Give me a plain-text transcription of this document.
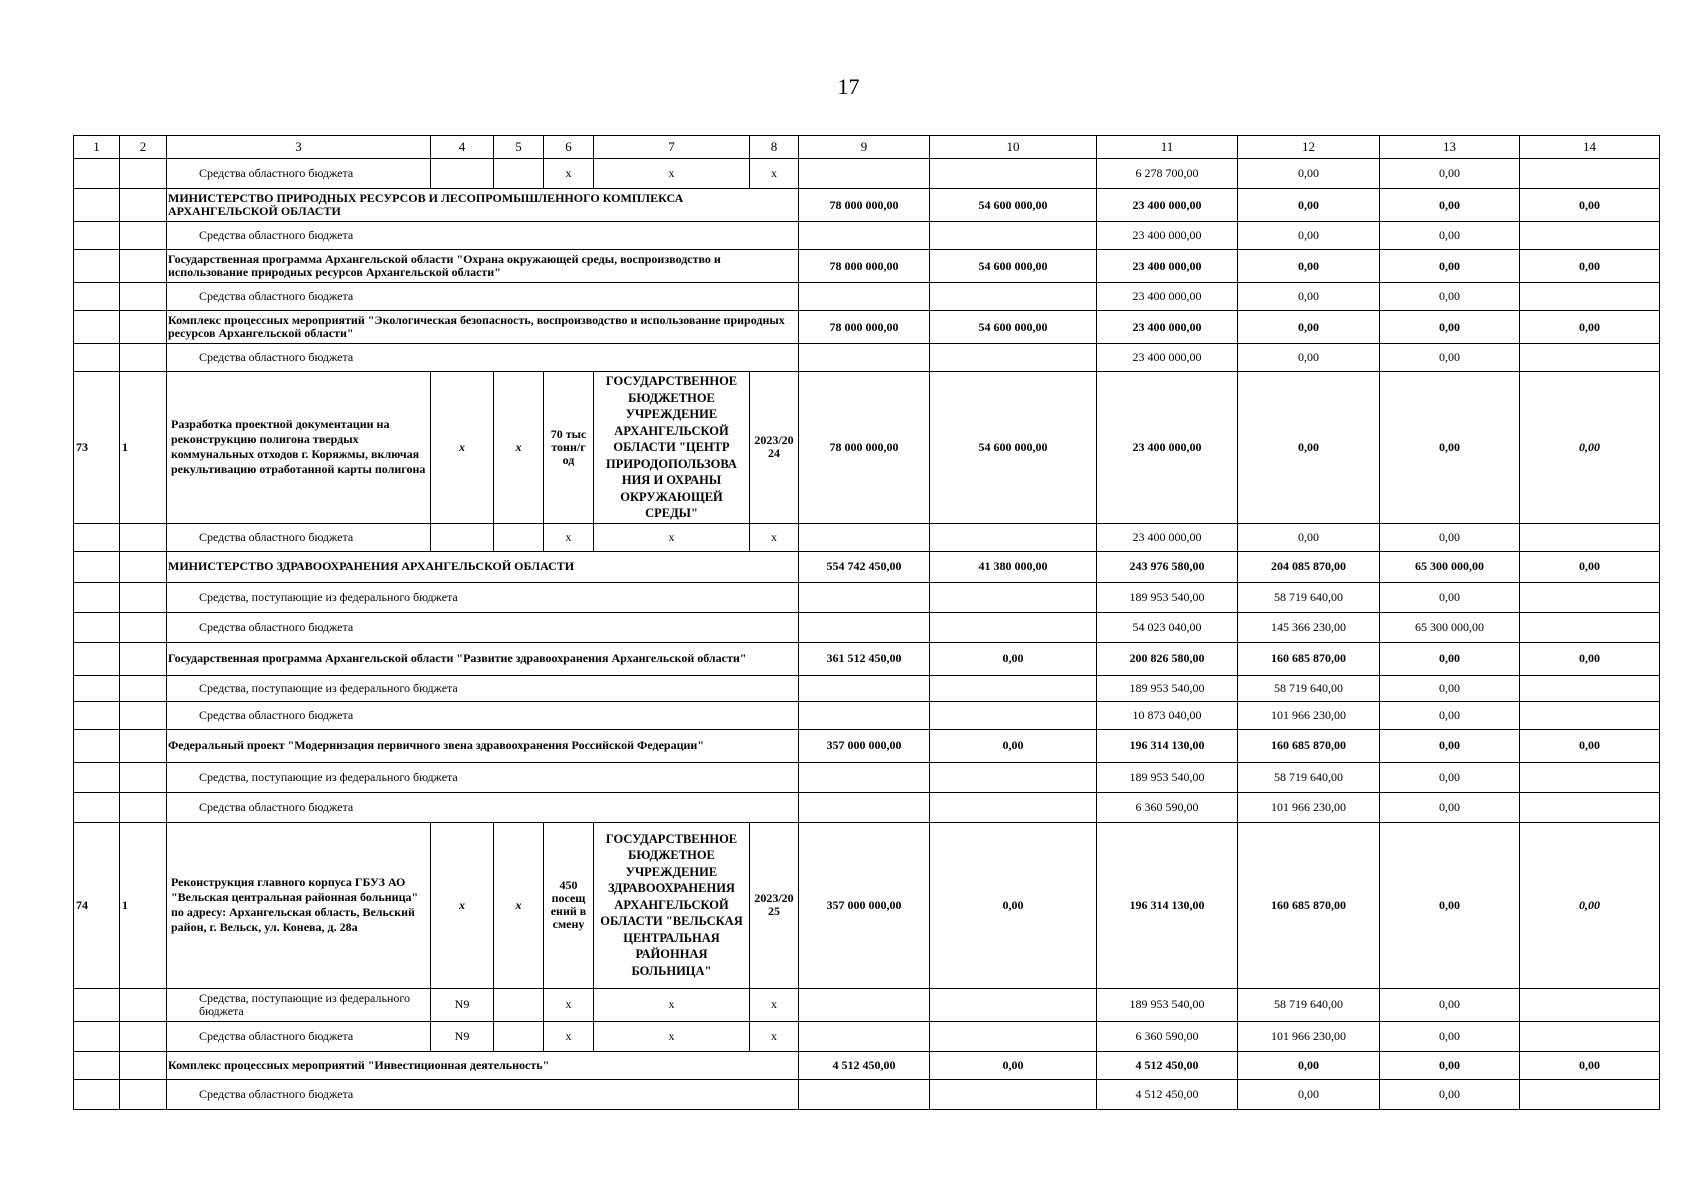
17
1	2	3	4	5	6	7	8	9	10	11	12	13	14
		Средства областного бюджета			x	x	x			6 278 700,00	0,00	0,00	
		МИНИСТЕРСТВО ПРИРОДНЫХ РЕСУРСОВ И ЛЕСОПРОМЫШЛЕННОГО КОМПЛЕКСА АРХАНГЕЛЬСКОЙ ОБЛАСТИ						78 000 000,00	54 600 000,00	23 400 000,00	0,00	0,00	0,00
		Средства областного бюджета								23 400 000,00	0,00	0,00	
		Государственная программа Архангельской области "Охрана окружающей среды, воспроизводство и использование природных ресурсов Архангельской области"						78 000 000,00	54 600 000,00	23 400 000,00	0,00	0,00	0,00
		Средства областного бюджета								23 400 000,00	0,00	0,00	
		Комплекс процессных мероприятий "Экологическая безопасность, воспроизводство и использование природных ресурсов Архангельской области"						78 000 000,00	54 600 000,00	23 400 000,00	0,00	0,00	0,00
		Средства областного бюджета								23 400 000,00	0,00	0,00	
73	1	Разработка проектной документации на реконструкцию полигона твердых коммунальных отходов г. Коряжмы, включая рекультивацию отработанной карты полигона	x	x	70 тыс тонн/г од	ГОСУДАРСТВЕННОЕ БЮДЖЕТНОЕ УЧРЕЖДЕНИЕ АРХАНГЕЛЬСКОЙ ОБЛАСТИ "ЦЕНТР ПРИРОДОПОЛЬЗОВА НИЯ И ОХРАНЫ ОКРУЖАЮЩЕЙ СРЕДЫ"	2023/20 24	78 000 000,00	54 600 000,00	23 400 000,00	0,00	0,00	0,00
		Средства областного бюджета			x	x	x			23 400 000,00	0,00	0,00	
		МИНИСТЕРСТВО ЗДРАВООХРАНЕНИЯ АРХАНГЕЛЬСКОЙ ОБЛАСТИ						554 742 450,00	41 380 000,00	243 976 580,00	204 085 870,00	65 300 000,00	0,00
		Средства, поступающие из федерального бюджета								189 953 540,00	58 719 640,00	0,00	
		Средства областного бюджета								54 023 040,00	145 366 230,00	65 300 000,00	
		Государственная программа Архангельской области "Развитие здравоохранения Архангельской области"						361 512 450,00	0,00	200 826 580,00	160 685 870,00	0,00	0,00
		Средства, поступающие из федерального бюджета								189 953 540,00	58 719 640,00	0,00	
		Средства областного бюджета								10 873 040,00	101 966 230,00	0,00	
		Федеральный проект "Модернизация первичного звена здравоохранения Российской Федерации"						357 000 000,00	0,00	196 314 130,00	160 685 870,00	0,00	0,00
		Средства, поступающие из федерального бюджета								189 953 540,00	58 719 640,00	0,00	
		Средства областного бюджета								6 360 590,00	101 966 230,00	0,00	
74	1	Реконструкция главного корпуса ГБУЗ АО "Вельская центральная районная больница" по адресу: Архангельская область, Вельский район, г. Вельск, ул. Конева, д. 28а	x	x	450 посещ ений в смену	ГОСУДАРСТВЕННОЕ БЮДЖЕТНОЕ УЧРЕЖДЕНИЕ ЗДРАВООХРАНЕНИЯ АРХАНГЕЛЬСКОЙ ОБЛАСТИ "ВЕЛЬСКАЯ ЦЕНТРАЛЬНАЯ РАЙОННАЯ БОЛЬНИЦА"	2023/20 25	357 000 000,00	0,00	196 314 130,00	160 685 870,00	0,00	0,00
		Средства, поступающие из федерального бюджета	N9		x	x	x			189 953 540,00	58 719 640,00	0,00	
		Средства областного бюджета	N9		x	x	x			6 360 590,00	101 966 230,00	0,00	
		Комплекс процессных мероприятий "Инвестиционная деятельность"						4 512 450,00	0,00	4 512 450,00	0,00	0,00	0,00
		Средства областного бюджета								4 512 450,00	0,00	0,00	
